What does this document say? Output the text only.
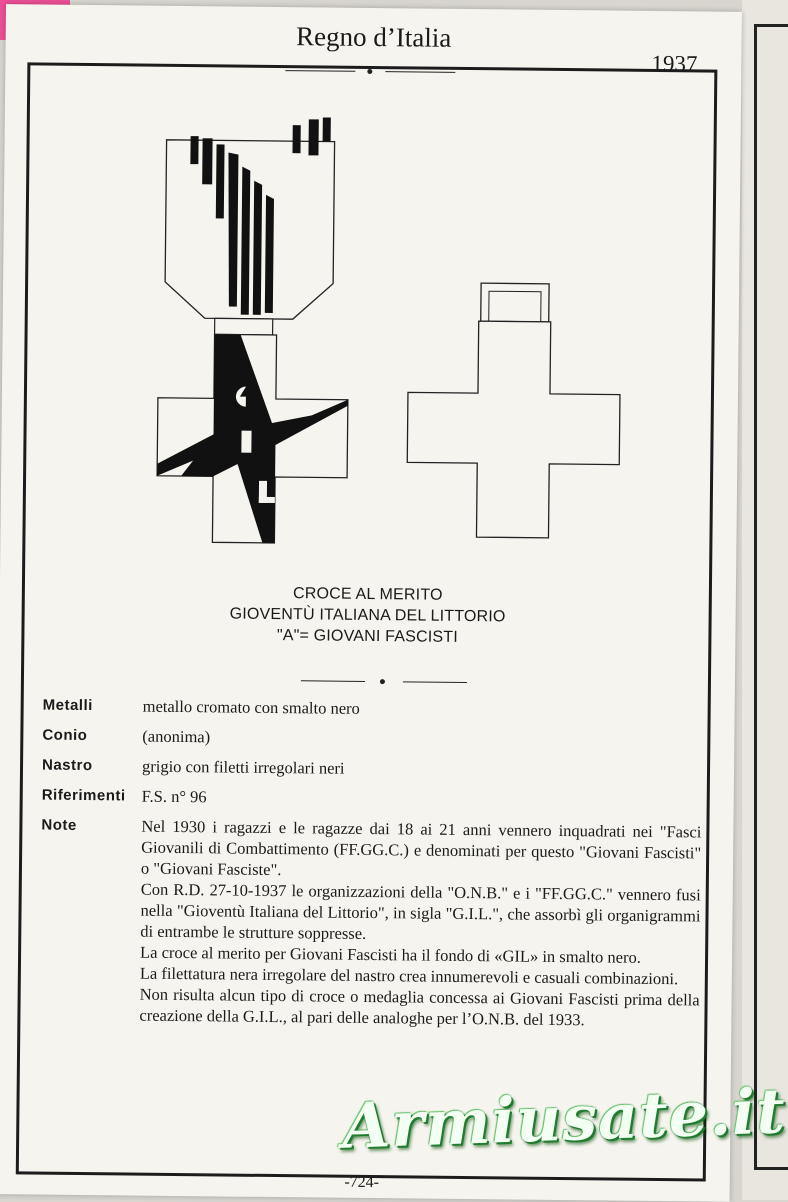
Regno d’Italia
1937
CROCE AL MERITO
GIOVENTÙ ITALIANA DEL LITTORIO
"A"= GIOVANI FASCISTI
Metalli	metallo cromato con smalto nero
Conio	(anonima)
Nastro	grigio con filetti irregolari neri
Riferimenti F.S. n° 96
Note	Nel 1930 i ragazzi e le ragazze dai 18 ai 21 anni vennero inquadrati nei "Fasci Giovanili di Combattimento (FF.GG.C.) e denominati per questo "Giovani Fascisti" o "Giovani Fasciste".

Con R.D. 27-10-1937 le organizzazioni della "O.N.B." e i "FF.GG.C." vennero fusi nella "Gioventù Italiana del Littorio", in sigla "G.I.L.", che assorbì gli organigrammi di entrambe le strutture soppresse.

La croce al merito per Giovani Fascisti ha il fondo di «GIL» in smalto nero.

La filettatura nera irregolare del nastro crea innumerevoli e casuali combinazioni.

Non risulta alcun tipo di croce o medaglia concessa ai Giovani Fascisti prima della creazione della G.I.L., al pari delle analoghe per l’O.N.B. del 1933.

-724-
Armiusate.it
